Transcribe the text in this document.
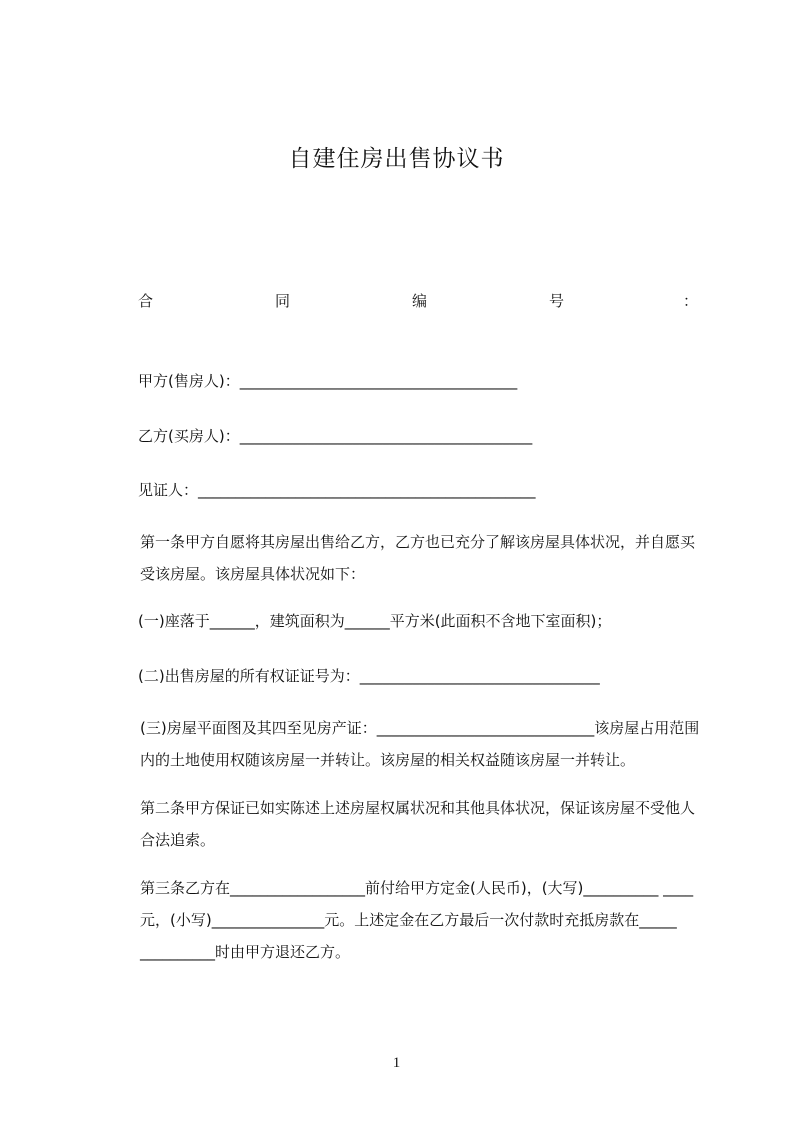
自建住房出售协议书
合	同	编	号	：
甲方(售房人)：_____________________________________
乙方(买房人)：_______________________________________
见证人：_____________________________________________
第一条甲方自愿将其房屋出售给乙方，乙方也已充分了解该房屋具体状况，并自愿买受该房屋。该房屋具体状况如下：
(一)座落于______，建筑面积为______平方米(此面积不含地下室面积)；
(二)出售房屋的所有权证证号为：________________________________
(三)房屋平面图及其四至见房产证：_____________________________该房屋占用范围内的土地使用权随该房屋一并转让。该房屋的相关权益随该房屋一并转让。
第二条甲方保证已如实陈述上述房屋权属状况和其他具体状况，保证该房屋不受他人合法追索。
第三条乙方在__________________前付给甲方定金(人民币)，(大写)__________ ____元，(小写)_______________元。上述定金在乙方最后一次付款时充抵房款在_____ __________时由甲方退还乙方。
1
